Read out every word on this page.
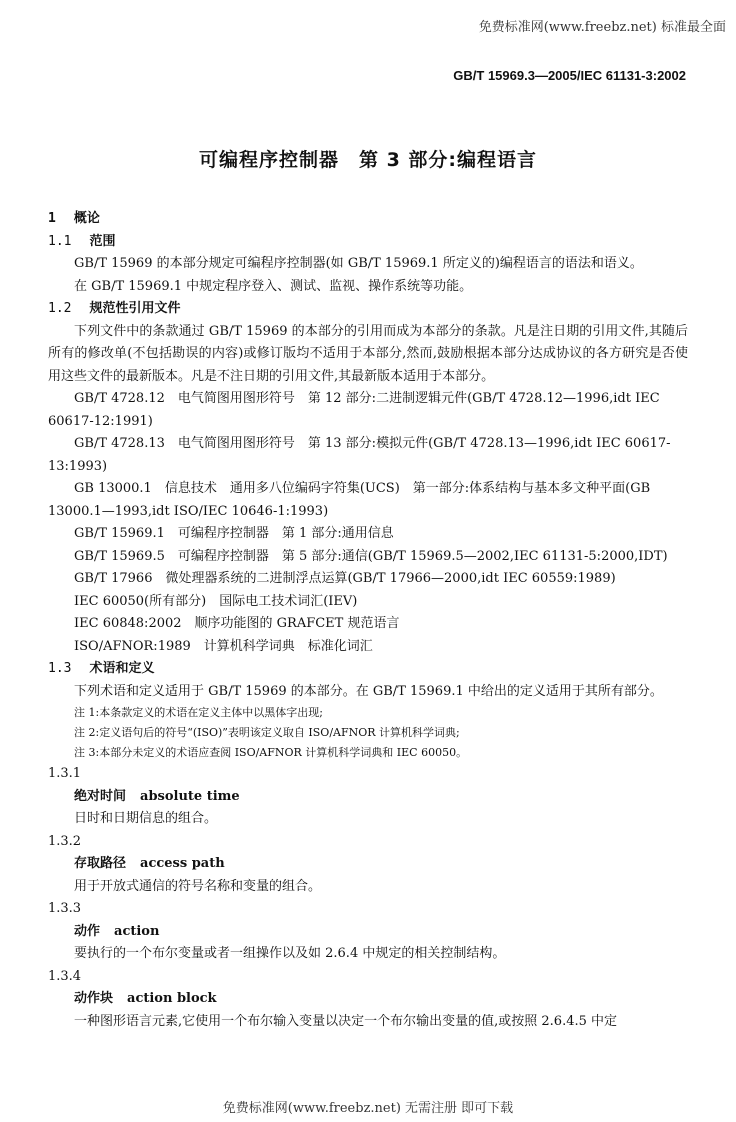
免费标准网(www.freebz.net) 标准最全面
GB/T 15969.3—2005/IEC 61131-3:2002
可编程序控制器　第 3 部分:编程语言
1 概论
1.1 范围
GB/T 15969 的本部分规定可编程序控制器(如 GB/T 15969.1 所定义的)编程语言的语法和语义。
在 GB/T 15969.1 中规定程序登入、测试、监视、操作系统等功能。
1.2 规范性引用文件
下列文件中的条款通过 GB/T 15969 的本部分的引用而成为本部分的条款。凡是注日期的引用文件,其随后所有的修改单(不包括勘误的内容)或修订版均不适用于本部分,然而,鼓励根据本部分达成协议的各方研究是否使用这些文件的最新版本。凡是不注日期的引用文件,其最新版本适用于本部分。
GB/T 4728.12　电气简图用图形符号　第 12 部分:二进制逻辑元件(GB/T 4728.12—1996,idt IEC 60617-12:1991)
GB/T 4728.13　电气简图用图形符号　第 13 部分:模拟元件(GB/T 4728.13—1996,idt IEC 60617-13:1993)
GB 13000.1　信息技术　通用多八位编码字符集(UCS)　第一部分:体系结构与基本多文种平面(GB 13000.1—1993,idt ISO/IEC 10646-1:1993)
GB/T 15969.1　可编程序控制器　第 1 部分:通用信息
GB/T 15969.5　可编程序控制器　第 5 部分:通信(GB/T 15969.5—2002,IEC 61131-5:2000,IDT)
GB/T 17966　微处理器系统的二进制浮点运算(GB/T 17966—2000,idt IEC 60559:1989)
IEC 60050(所有部分)　国际电工技术词汇(IEV)
IEC 60848:2002　顺序功能图的 GRAFCET 规范语言
ISO/AFNOR:1989　计算机科学词典　标准化词汇
1.3 术语和定义
下列术语和定义适用于 GB/T 15969 的本部分。在 GB/T 15969.1 中给出的定义适用于其所有部分。
注 1:本条款定义的术语在定义主体中以黑体字出现;
注 2:定义语句后的符号“(ISO)”表明该定义取自 ISO/AFNOR 计算机科学词典;
注 3:本部分未定义的术语应查阅 ISO/AFNOR 计算机科学词典和 IEC 60050。
1.3.1
绝对时间 absolute time
日时和日期信息的组合。
1.3.2
存取路径 access path
用于开放式通信的符号名称和变量的组合。
1.3.3
动作 action
要执行的一个布尔变量或者一组操作以及如 2.6.4 中规定的相关控制结构。
1.3.4
动作块 action block
一种图形语言元素,它使用一个布尔输入变量以决定一个布尔输出变量的值,或按照 2.6.4.5 中定
免费标准网(www.freebz.net) 无需注册 即可下载
